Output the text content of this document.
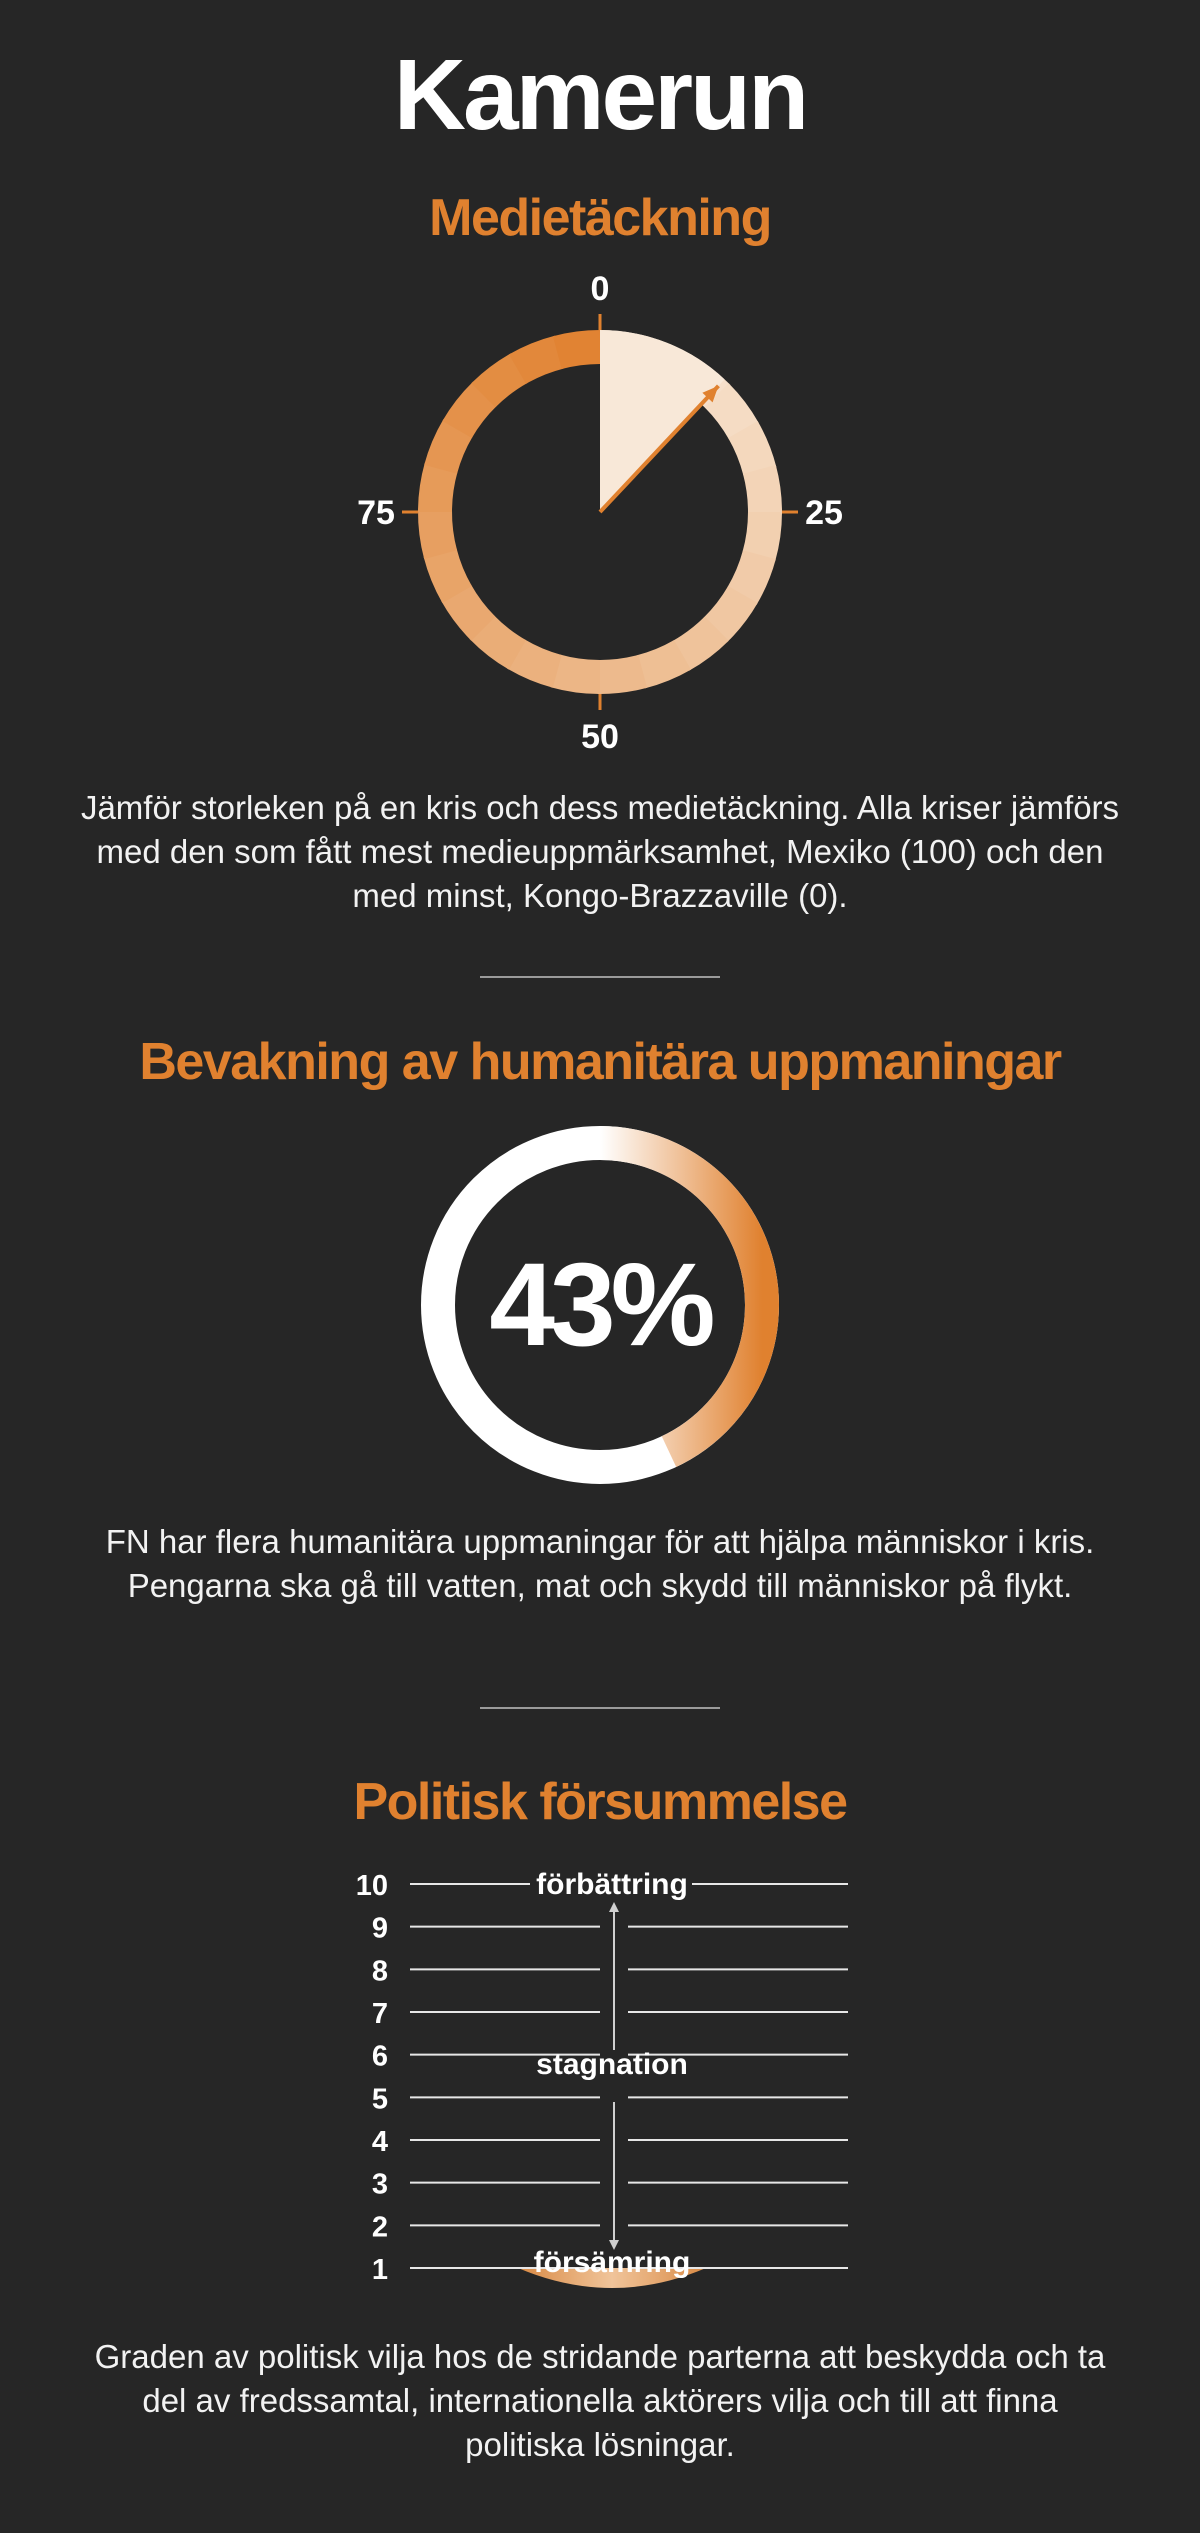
Kamerun
Medietäckning
0
25
50
75
Jämför storleken på en kris och dess medietäckning. Alla kriser jämförs med den som fått mest medieuppmärksamhet, Mexiko (100) och den med minst, Kongo-Brazzaville (0).
Bevakning av humanitära uppmaningar
43%
FN har flera humanitära uppmaningar för att hjälpa människor i kris. Pengarna ska gå till vatten, mat och skydd till människor på flykt.
Politisk försummelse
1
2
3
4
5
6
7
8
9
10	förbättring
stagnation
försämring
Graden av politisk vilja hos de stridande parterna att beskydda och ta del av fredssamtal, internationella aktörers vilja och till att finna politiska lösningar.
